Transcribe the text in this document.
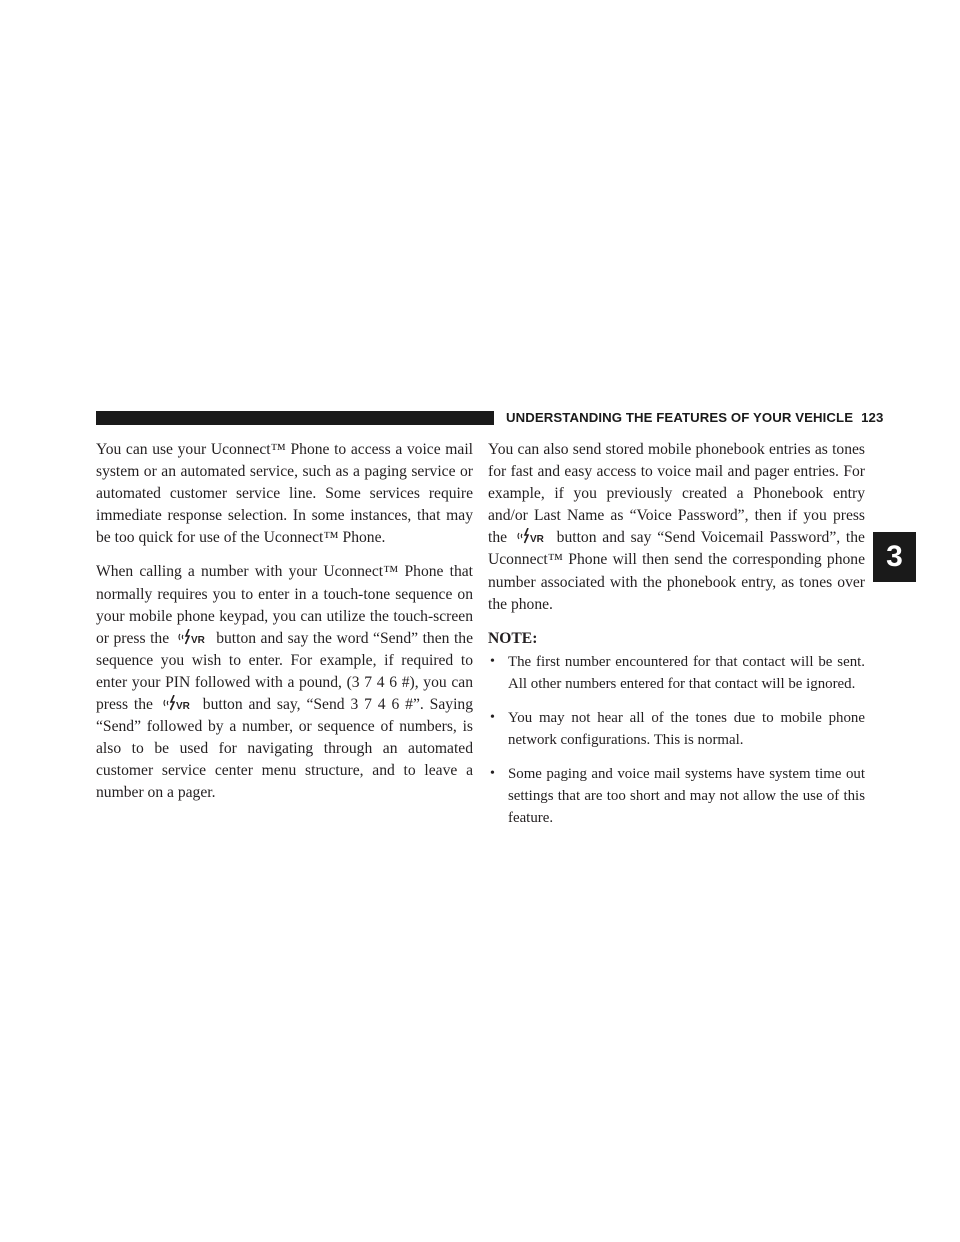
UNDERSTANDING THE FEATURES OF YOUR VEHICLE 123
3

You can use your Uconnect™ Phone to access a voice mail system or an automated service, such as a paging service or automated customer service line. Some services require immediate response selection. In some instances, that may be too quick for use of the Uconnect™ Phone.

When calling a number with your Uconnect™ Phone that normally requires you to enter in a touch-tone sequence on your mobile phone keypad, you can utilize the touch-screen or press the VR button and say the word “Send” then the sequence you wish to enter. For example, if required to enter your PIN followed with a pound, (3 7 4 6 #), you can press the VR button and say, “Send 3 7 4 6 #”. Saying “Send” followed by a number, or sequence of numbers, is also to be used for navigating through an automated customer service center menu structure, and to leave a number on a pager.

You can also send stored mobile phonebook entries as tones for fast and easy access to voice mail and pager entries. For example, if you previously created a Phonebook entry and/or Last Name as “Voice Password”, then if you press the VR button and say “Send Voicemail Password”, the Uconnect™ Phone will then send the corresponding phone number associated with the phonebook entry, as tones over the phone.

NOTE:

• The first number encountered for that contact will be sent. All other numbers entered for that contact will be ignored.
• You may not hear all of the tones due to mobile phone network configurations. This is normal.
• Some paging and voice mail systems have system time out settings that are too short and may not allow the use of this feature.
